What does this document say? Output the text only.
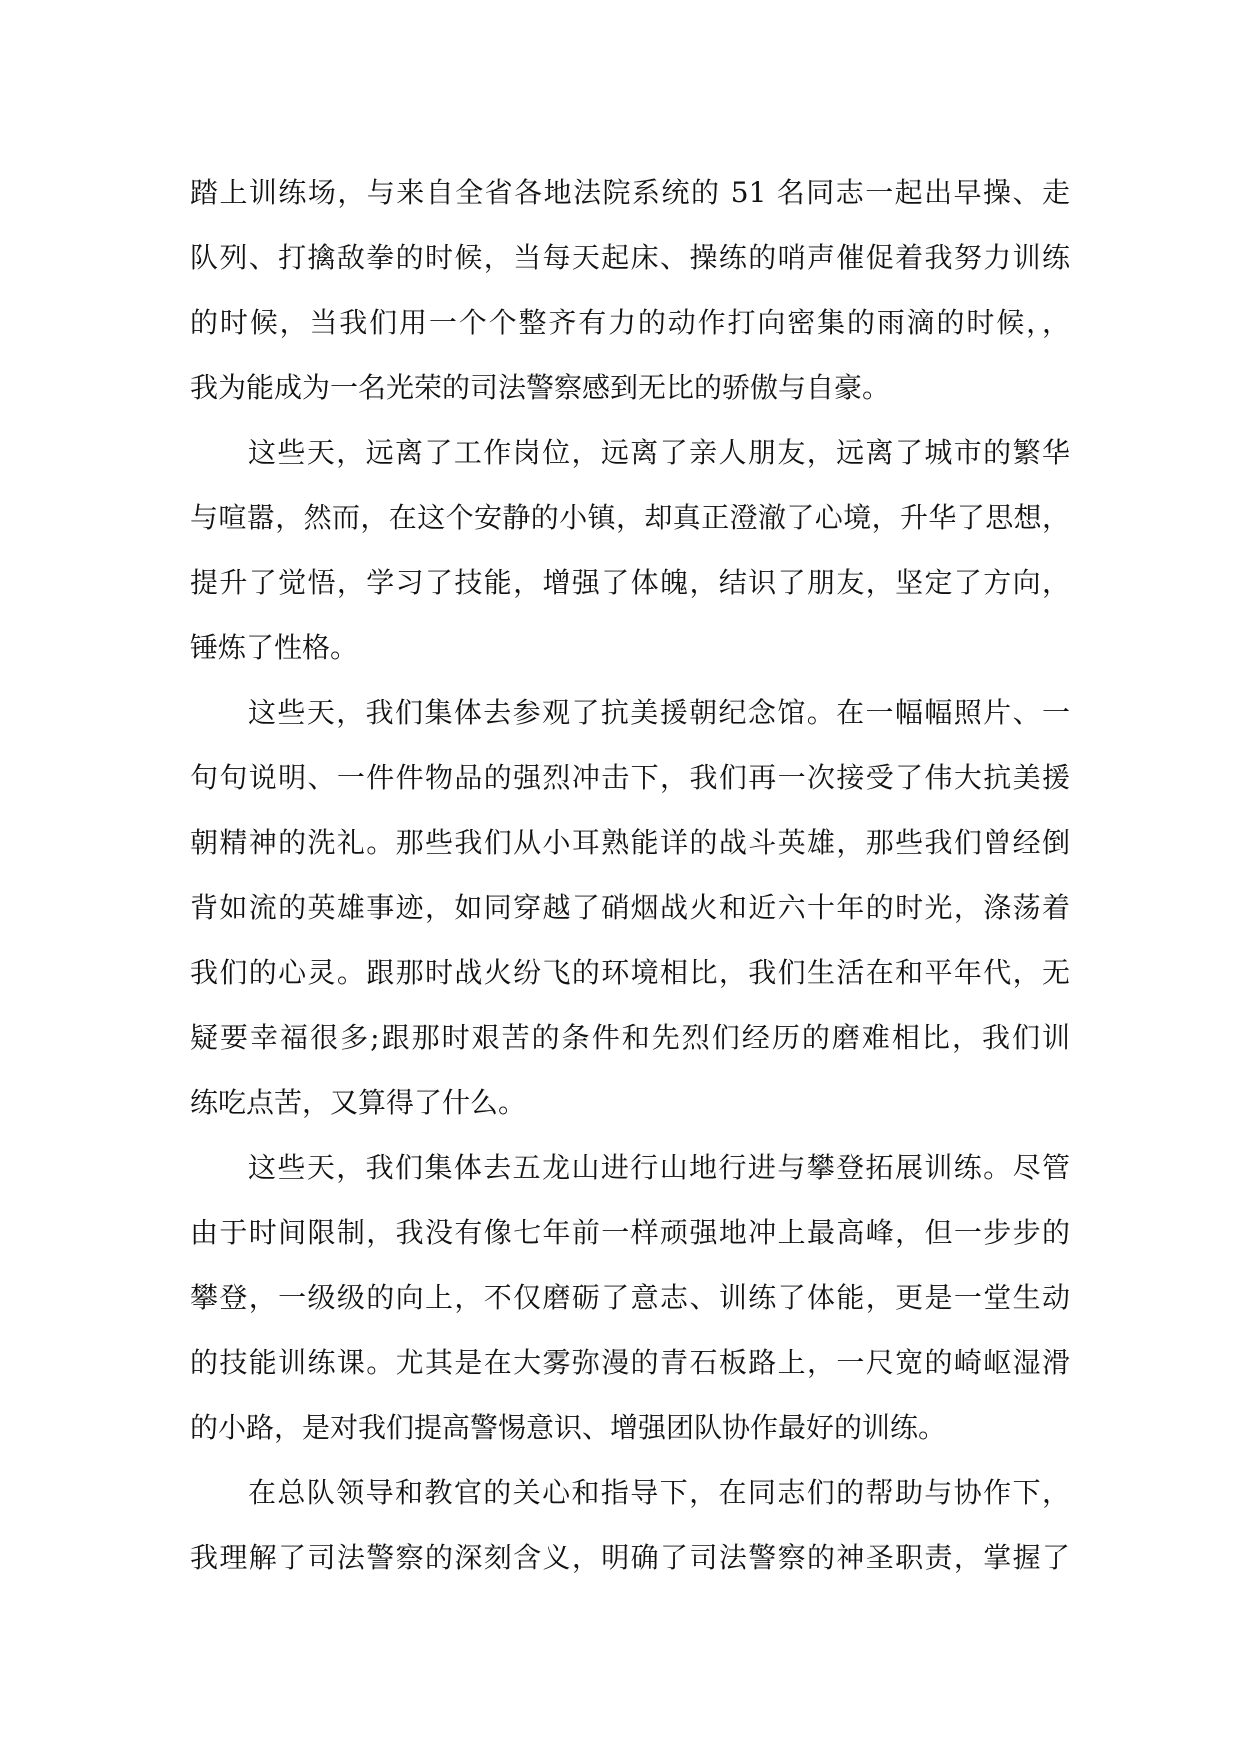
踏上训练场，与来自全省各地法院系统的 51 名同志一起出早操、走
队列、打擒敌拳的时候，当每天起床、操练的哨声催促着我努力训练
的时候，当我们用一个个整齐有力的动作打向密集的雨滴的时候，，
我为能成为一名光荣的司法警察感到无比的骄傲与自豪。
这些天，远离了工作岗位，远离了亲人朋友，远离了城市的繁华
与喧嚣，然而，在这个安静的小镇，却真正澄澈了心境，升华了思想，
提升了觉悟，学习了技能，增强了体魄，结识了朋友，坚定了方向，
锤炼了性格。
这些天，我们集体去参观了抗美援朝纪念馆。在一幅幅照片、一
句句说明、一件件物品的强烈冲击下，我们再一次接受了伟大抗美援
朝精神的洗礼。那些我们从小耳熟能详的战斗英雄，那些我们曾经倒
背如流的英雄事迹，如同穿越了硝烟战火和近六十年的时光，涤荡着
我们的心灵。跟那时战火纷飞的环境相比，我们生活在和平年代，无
疑要幸福很多;跟那时艰苦的条件和先烈们经历的磨难相比，我们训
练吃点苦，又算得了什么。
这些天，我们集体去五龙山进行山地行进与攀登拓展训练。尽管
由于时间限制，我没有像七年前一样顽强地冲上最高峰，但一步步的
攀登，一级级的向上，不仅磨砺了意志、训练了体能，更是一堂生动
的技能训练课。尤其是在大雾弥漫的青石板路上，一尺宽的崎岖湿滑
的小路，是对我们提高警惕意识、增强团队协作最好的训练。
在总队领导和教官的关心和指导下，在同志们的帮助与协作下，
我理解了司法警察的深刻含义，明确了司法警察的神圣职责，掌握了
